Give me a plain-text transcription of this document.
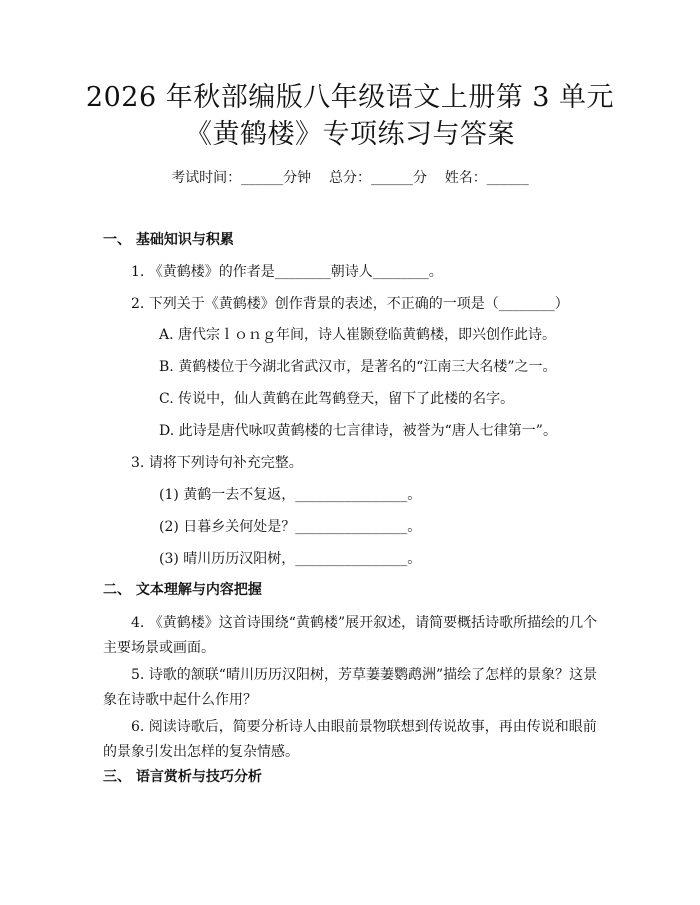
2026 年秋部编版八年级语文上册第 3 单元
《黄鹤楼》专项练习与答案
考试时间：______分钟    总分：______分    姓名：______
一、 基础知识与积累
1. 《黄鹤楼》的作者是________朝诗人________。
2. 下列关于《黄鹤楼》创作背景的表述，不正确的一项是（________）
A. 唐代宗ｌｏｎｇ年间，诗人崔颢登临黄鹤楼，即兴创作此诗。
B. 黄鹤楼位于今湖北省武汉市，是著名的“江南三大名楼”之一。
C. 传说中，仙人黄鹤在此驾鹤登天，留下了此楼的名字。
D. 此诗是唐代咏叹黄鹤楼的七言律诗，被誉为“唐人七律第一”。
3. 请将下列诗句补充完整。
(1) 黄鹤一去不复返，________________。
(2) 日暮乡关何处是？________________。
(3) 晴川历历汉阳树，________________。
二、 文本理解与内容把握
4. 《黄鹤楼》这首诗围绕“黄鹤楼”展开叙述，请简要概括诗歌所描绘的几个主要场景或画面。
5. 诗歌的颔联“晴川历历汉阳树，芳草萋萋鹦鹉洲”描绘了怎样的景象？这景象在诗歌中起什么作用？
6. 阅读诗歌后，简要分析诗人由眼前景物联想到传说故事，再由传说和眼前的景象引发出怎样的复杂情感。
三、 语言赏析与技巧分析
